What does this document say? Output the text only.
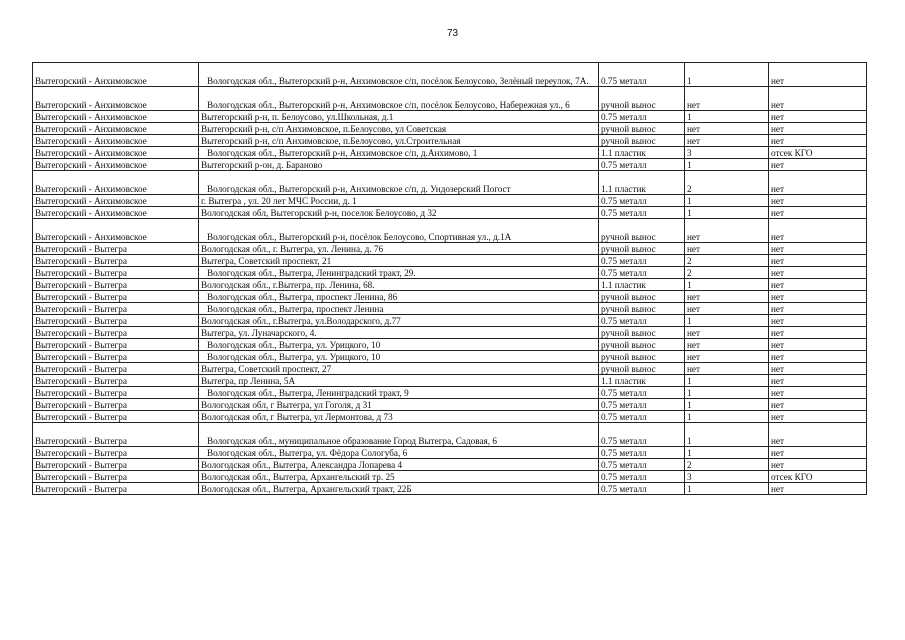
73
Вытегорский - Анхимовское	Вологодская обл., Вытегорский р-н, Анхимовское с/п, посёлок Белоусово, Зелёный переулок, 7А.	0.75 металл	1	нет
Вытегорский - Анхимовское	Вологодская обл., Вытегорский р-н, Анхимовское с/п, посёлок Белоусово, Набережная ул., 6	ручной вынос	нет	нет
Вытегорский - Анхимовское	Вытегорский р-н, п. Белоусово, ул.Школьная, д.1	0.75 металл	1	нет
Вытегорский - Анхимовское	Вытегорский р-н, с/п Анхимовское, п.Белоусово, ул Советская	ручной вынос	нет	нет
Вытегорский - Анхимовское	Вытегорский р-н, с/п Анхимовское, п.Белоусово, ул.Строительная	ручной вынос	нет	нет
Вытегорский - Анхимовское	Вологодская обл., Вытегорский р-н, Анхимовское с/п, д.Анхимово, 1	1.1 пластик	3	отсек КГО
Вытегорский - Анхимовское	Вытегорский р-он, д. Бараново	0.75 металл	1	нет
Вытегорский - Анхимовское	Вологодская обл., Вытегорский р-н, Анхимовское с/п, д. Ундозерский Погост	1.1 пластик	2	нет
Вытегорский - Анхимовское	г. Вытегра , ул. 20 лет МЧС России, д. 1	0.75 металл	1	нет
Вытегорский - Анхимовское	Вологодская обл, Вытегорский р-н, поселок Белоусово, д 32	0.75 металл	1	нет
Вытегорский - Анхимовское	Вологодская обл., Вытегорский р-н, посёлок Белоусово, Спортивная ул., д.1А	ручной вынос	нет	нет
Вытегорский - Вытегра	Вологодская обл., г. Вытегра, ул. Ленина, д. 76	ручной вынос	нет	нет
Вытегорский - Вытегра	Вытегра, Советский проспект, 21	0.75 металл	2	нет
Вытегорский - Вытегра	Вологодская обл., Вытегра, Ленинградский тракт, 29.	0.75 металл	2	нет
Вытегорский - Вытегра	Вологодская обл., г.Вытегра, пр. Ленина, 68.	1.1 пластик	1	нет
Вытегорский - Вытегра	Вологодская обл., Вытегра, проспект Ленина, 86	ручной вынос	нет	нет
Вытегорский - Вытегра	Вологодская обл., Вытегра, проспект Ленина	ручной вынос	нет	нет
Вытегорский - Вытегра	Вологодская обл., г.Вытегра, ул.Володарского, д.77	0.75 металл	1	нет
Вытегорский - Вытегра	Вытегра, ул. Луначарского, 4.	ручной вынос	нет	нет
Вытегорский - Вытегра	Вологодская обл., Вытегра, ул. Урицкого, 10	ручной вынос	нет	нет
Вытегорский - Вытегра	Вологодская обл., Вытегра, ул. Урицкого, 10	ручной вынос	нет	нет
Вытегорский - Вытегра	Вытегра, Советский проспект, 27	ручной вынос	нет	нет
Вытегорский - Вытегра	Вытегра, пр Ленина, 5А	1.1 пластик	1	нет
Вытегорский - Вытегра	Вологодская обл., Вытегра, Ленинградский тракт, 9	0.75 металл	1	нет
Вытегорский - Вытегра	Вологодская обл, г Вытегра, ул Гоголя, д 31	0.75 металл	1	нет
Вытегорский - Вытегра	Вологодская обл, г Вытегра, ул Лермонтова, д 73	0.75 металл	1	нет
Вытегорский - Вытегра	Вологодская обл., муниципальное образование Город Вытегра, Садовая, 6	0.75 металл	1	нет
Вытегорский - Вытегра	Вологодская обл., Вытегра, ул. Фёдора Сологуба, 6	0.75 металл	1	нет
Вытегорский - Вытегра	Вологодская обл., Вытегра, Александра Лопарева 4	0.75 металл	2	нет
Вытегорский - Вытегра	Вологодская обл., Вытегра, Архангельский тр. 25	0.75 металл	3	отсек КГО
Вытегорский - Вытегра	Вологодская обл., Вытегра, Архангельский тракт, 22Б	0.75 металл	1	нет
